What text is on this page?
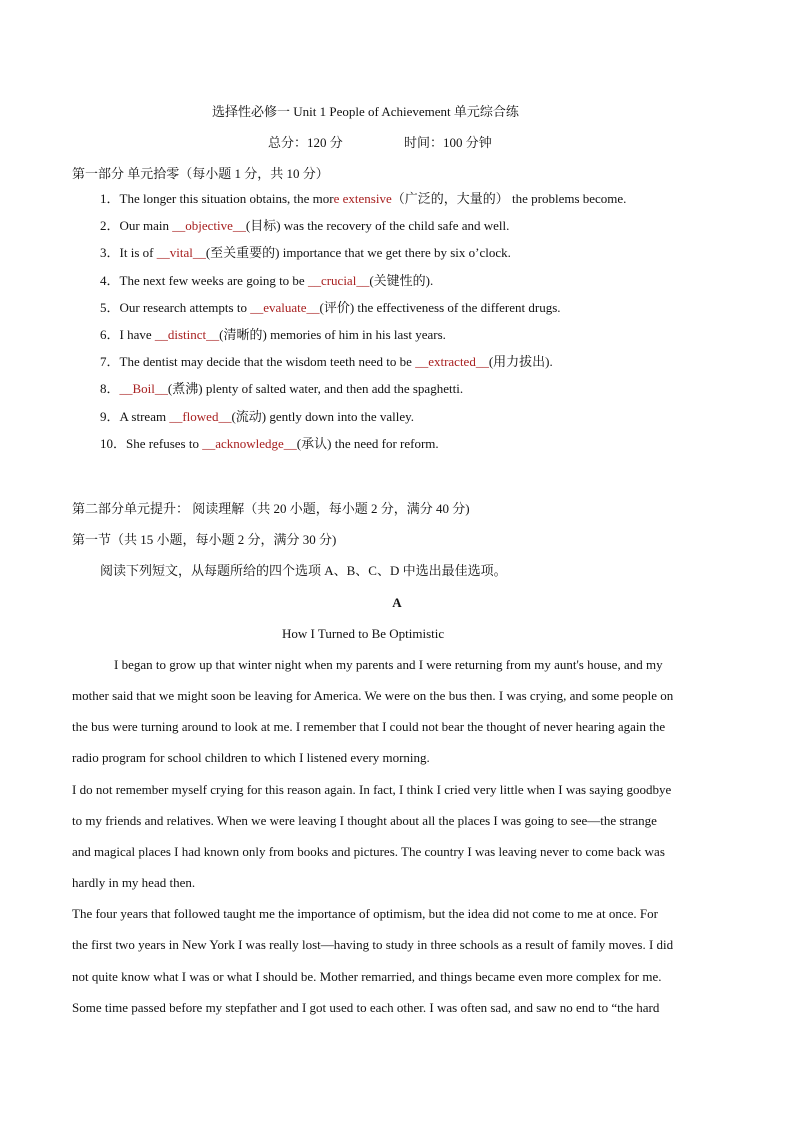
选择性必修一 Unit 1 People of Achievement 单元综合练
总分：120 分	时间：100 分钟
第一部分 单元拾零（每小题 1 分，共 10 分）
1．The longer this situation obtains, the more extensive（广泛的，大量的） the problems become.
2．Our main __objective__(目标) was the recovery of the child safe and well.
3．It is of __vital__(至关重要的) importance that we get there by six o’clock.
4．The next few weeks are going to be __crucial__(关键性的).
5．Our research attempts to __evaluate__(评价) the effectiveness of the different drugs.
6．I have __distinct__(清晰的) memories of him in his last years.
7．The dentist may decide that the wisdom teeth need to be __extracted__(用力拔出).
8．__Boil__(煮沸) plenty of salted water, and then add the spaghetti.
9．A stream __flowed__(流动) gently down into the valley.
10．She refuses to __acknowledge__(承认) the need for reform.
第二部分单元提升： 阅读理解（共 20 小题，每小题 2 分，满分 40 分)
第一节（共 15 小题，每小题 2 分，满分 30 分)
阅读下列短文，从每题所给的四个选项 A、B、C、D 中选出最佳选项。
A
How I Turned to Be Optimistic
I began to grow up that winter night when my parents and I were returning from my aunt's house, and my
mother said that we might soon be leaving for America. We were on the bus then. I was crying, and some people on
the bus were turning around to look at me. I remember that I could not bear the thought of never hearing again the
radio program for school children to which I listened every morning.
I do not remember myself crying for this reason again. In fact, I think I cried very little when I was saying goodbye
to my friends and relatives. When we were leaving I thought about all the places I was going to see—the strange
and magical places I had known only from books and pictures. The country I was leaving never to come back was
hardly in my head then.
The four years that followed taught me the importance of optimism, but the idea did not come to me at once. For
the first two years in New York I was really lost—having to study in three schools as a result of family moves. I did
not quite know what I was or what I should be. Mother remarried, and things became even more complex for me.
Some time passed before my stepfather and I got used to each other. I was often sad, and saw no end to “the hard
